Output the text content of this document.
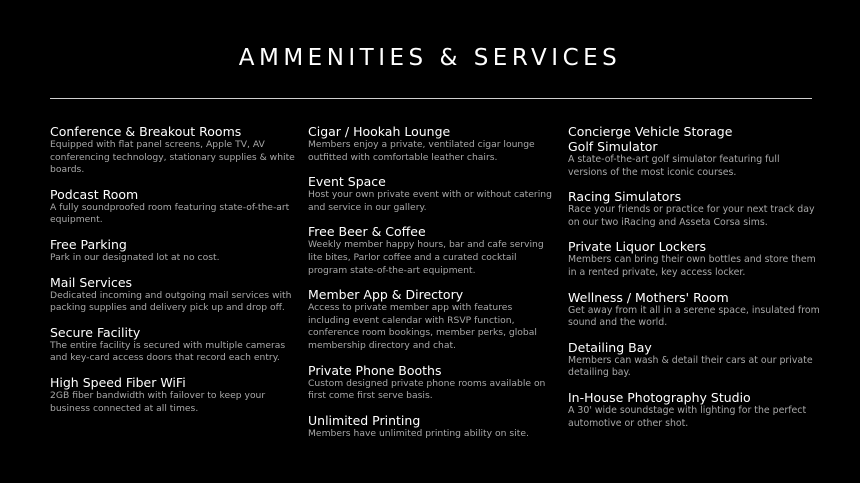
AMMENITIES & SERVICES
Conference & Breakout Rooms
Equipped with flat panel screens, Apple TV, AV conferencing technology, stationary supplies & white boards.
Podcast Room
A fully soundproofed room featuring state-of-the-art equipment.
Free Parking
Park in our designated lot at no cost.
Mail Services
Dedicated incoming and outgoing mail services with packing supplies and delivery pick up and drop off.
Secure Facility
The entire facility is secured with multiple cameras and key-card access doors that record each entry.
High Speed Fiber WiFi
2GB fiber bandwidth with failover to keep your business connected at all times.
Cigar / Hookah Lounge
Members enjoy a private, ventilated cigar lounge outfitted with comfortable leather chairs.
Event Space
Host your own private event with or without catering and service in our gallery.
Free Beer & Coffee
Weekly member happy hours, bar and cafe serving lite bites, Parlor coffee and a curated cocktail program state-of-the-art equipment.
Member App & Directory
Access to private member app with features including event calendar with RSVP function, conference room bookings, member perks, global membership directory and chat.
Private Phone Booths
Custom designed private phone rooms available on first come first serve basis.
Unlimited Printing
Members have unlimited printing ability on site.
Concierge Vehicle Storage
Golf Simulator
A state-of-the-art golf simulator featuring full versions of the most iconic courses.
Racing Simulators
Race your friends or practice for your next track day on our two iRacing and Asseta Corsa sims.
Private Liquor Lockers
Members can bring their own bottles and store them in a rented private, key access locker.
Wellness / Mothers' Room
Get away from it all in a serene space, insulated from sound and the world.
Detailing Bay
Members can wash & detail their cars at our private detailing bay.
In-House Photography Studio
A 30' wide soundstage with lighting for the perfect automotive or other shot.
